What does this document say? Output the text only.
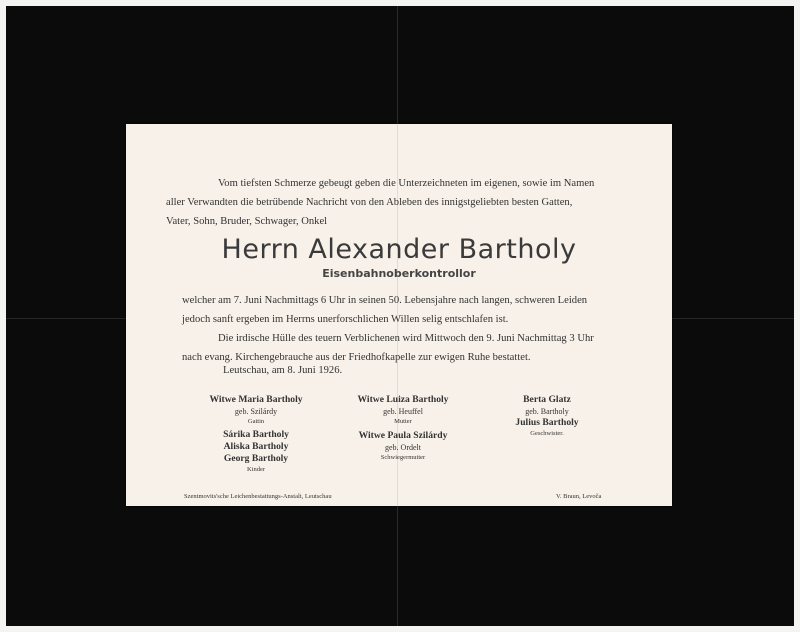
Vom tiefsten Schmerze gebeugt geben die Unterzeichneten im eigenen, sowie im Namen
aller Verwandten die betrübende Nachricht von den Ableben des innigstgeliebten besten Gatten,
Vater, Sohn, Bruder, Schwager, Onkel
Herrn Alexander Bartholy
Eisenbahnoberkontrollor
welcher am 7. Juni Nachmittags 6 Uhr in seinen 50. Lebensjahre nach langen, schweren Leiden
jedoch sanft ergeben im Herrns unerforschlichen Willen selig entschlafen ist.
Die irdische Hülle des teuern Verblichenen wird Mittwoch den 9. Juni Nachmittag 3 Uhr
nach evang. Kirchengebrauche aus der Friedhofkapelle zur ewigen Ruhe bestattet.
Leutschau, am 8. Juni 1926.
Witwe Maria Bartholy
geb. Szilárdy
Gattin
Sárika Bartholy
Aliska Bartholy
Georg Bartholy
Kinder
Witwe Luiza Bartholy
geb. Heuffel
Mutter
Witwe Paula Szilárdy
geb. Ordelt
Schwiegermutter
Berta Glatz
geb. Bartholy
Julius Bartholy
Geschwister.
Szentmovits'sche Leichenbestattungs-Anstalt, Leutschau	V. Braun, Levoča
